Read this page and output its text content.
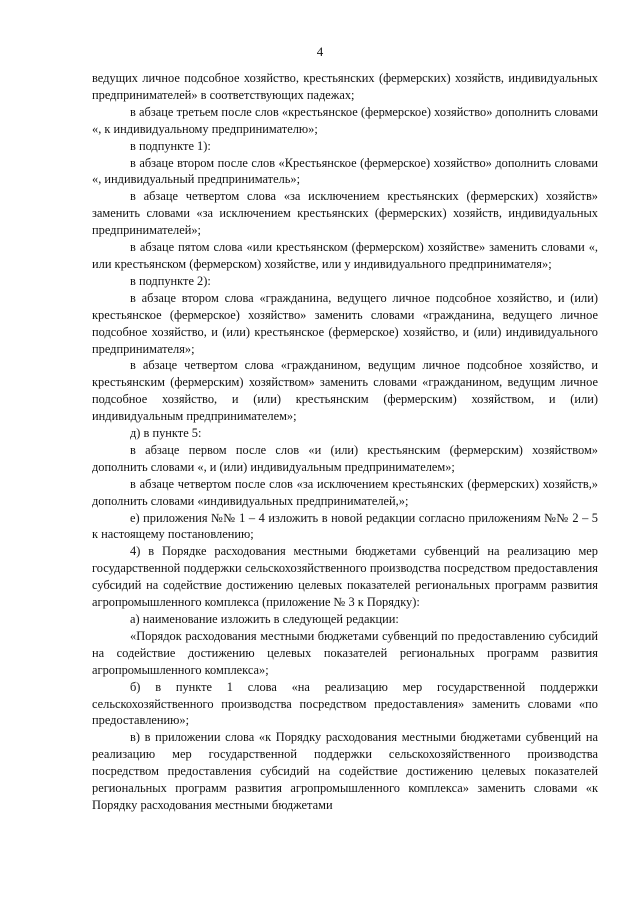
4

ведущих личное подсобное хозяйство, крестьянских (фермерских) хозяйств, индивидуальных предпринимателей» в соответствующих падежах;

в абзаце третьем после слов «крестьянское (фермерское) хозяйство» дополнить словами «, к индивидуальному предпринимателю»;

в подпункте 1):

в абзаце втором после слов «Крестьянское (фермерское) хозяйство» дополнить словами «, индивидуальный предприниматель»;

в абзаце четвертом слова «за исключением крестьянских (фермерских) хозяйств» заменить словами «за исключением крестьянских (фермерских) хозяйств, индивидуальных предпринимателей»;

в абзаце пятом слова «или крестьянском (фермерском) хозяйстве» заменить словами «, или крестьянском (фермерском) хозяйстве, или у индивидуального предпринимателя»;

в подпункте 2):

в абзаце втором слова «гражданина, ведущего личное подсобное хозяйство, и (или) крестьянское (фермерское) хозяйство» заменить словами «гражданина, ведущего личное подсобное хозяйство, и (или) крестьянское (фермерское) хозяйство, и (или) индивидуального предпринимателя»;

в абзаце четвертом слова «гражданином, ведущим личное подсобное хозяйство, и крестьянским (фермерским) хозяйством» заменить словами «гражданином, ведущим личное подсобное хозяйство, и (или) крестьянским (фермерским) хозяйством, и (или) индивидуальным предпринимателем»;

д) в пункте 5:

в абзаце первом после слов «и (или) крестьянским (фермерским) хозяйством» дополнить словами «, и (или) индивидуальным предпринимателем»;

в абзаце четвертом после слов «за исключением крестьянских (фермерских) хозяйств,» дополнить словами «индивидуальных предпринимателей,»;

е) приложения №№ 1 – 4 изложить в новой редакции согласно приложениям №№ 2 – 5 к настоящему постановлению;

4) в Порядке расходования местными бюджетами субвенций на реализацию мер государственной поддержки сельскохозяйственного производства посредством предоставления субсидий на содействие достижению целевых показателей региональных программ развития агропромышленного комплекса (приложение № 3 к Порядку):

а) наименование изложить в следующей редакции:

«Порядок расходования местными бюджетами субвенций по предоставлению субсидий на содействие достижению целевых показателей региональных программ развития агропромышленного комплекса»;

б) в пункте 1 слова «на реализацию мер государственной поддержки сельскохозяйственного производства посредством предоставления» заменить словами «по предоставлению»;

в) в приложении слова «к Порядку расходования местными бюджетами субвенций на реализацию мер государственной поддержки сельскохозяйственного производства посредством предоставления субсидий на содействие достижению целевых показателей региональных программ развития агропромышленного комплекса» заменить словами «к Порядку расходования местными бюджетами
